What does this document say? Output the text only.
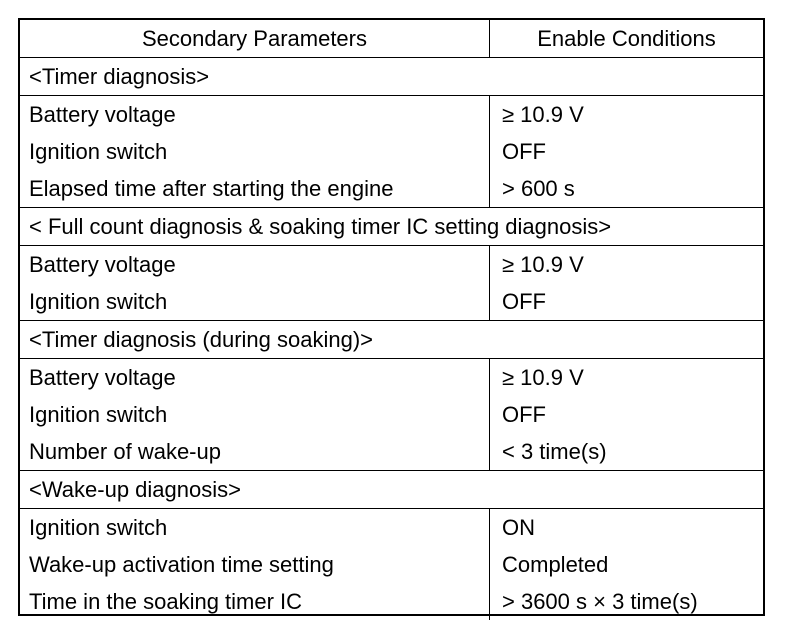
Secondary Parameters	Enable Conditions
<Timer diagnosis>
Battery voltage	≥ 10.9 V
Ignition switch	OFF
Elapsed time after starting the engine	> 600 s
< Full count diagnosis & soaking timer IC setting diagnosis>
Battery voltage	≥ 10.9 V
Ignition switch	OFF
<Timer diagnosis (during soaking)>
Battery voltage	≥ 10.9 V
Ignition switch	OFF
Number of wake-up	< 3 time(s)
<Wake-up diagnosis>
Ignition switch	ON
Wake-up activation time setting	Completed
Time in the soaking timer IC	> 3600 s × 3 time(s)
